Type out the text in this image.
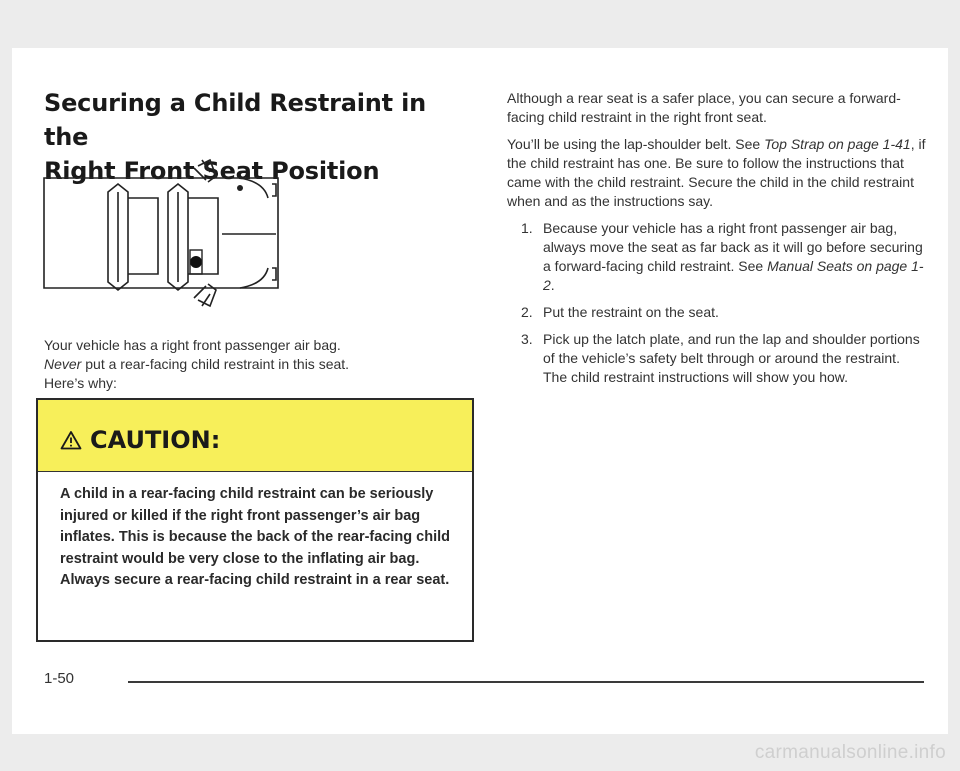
Securing a Child Restraint in the
Right Front Seat Position
Your vehicle has a right front passenger air bag.
Never put a rear-facing child restraint in this seat.
Here’s why:
CAUTION:
A child in a rear-facing child restraint can be seriously injured or killed if the right front passenger’s air bag inflates. This is because the back of the rear-facing child restraint would be very close to the inflating air bag. Always secure a rear-facing child restraint in a rear seat.

Although a rear seat is a safer place, you can secure a forward-facing child restraint in the right front seat.

You’ll be using the lap-shoulder belt. See Top Strap on page 1-41, if the child restraint has one. Be sure to follow the instructions that came with the child restraint. Secure the child in the child restraint when and as the instructions say.

1. Because your vehicle has a right front passenger air bag, always move the seat as far back as it will go before securing a forward-facing child restraint. See Manual Seats on page 1-2.
2. Put the restraint on the seat.
3. Pick up the latch plate, and run the lap and shoulder portions of the vehicle’s safety belt through or around the restraint. The child restraint instructions will show you how.
1-50
carmanualsonline.info
